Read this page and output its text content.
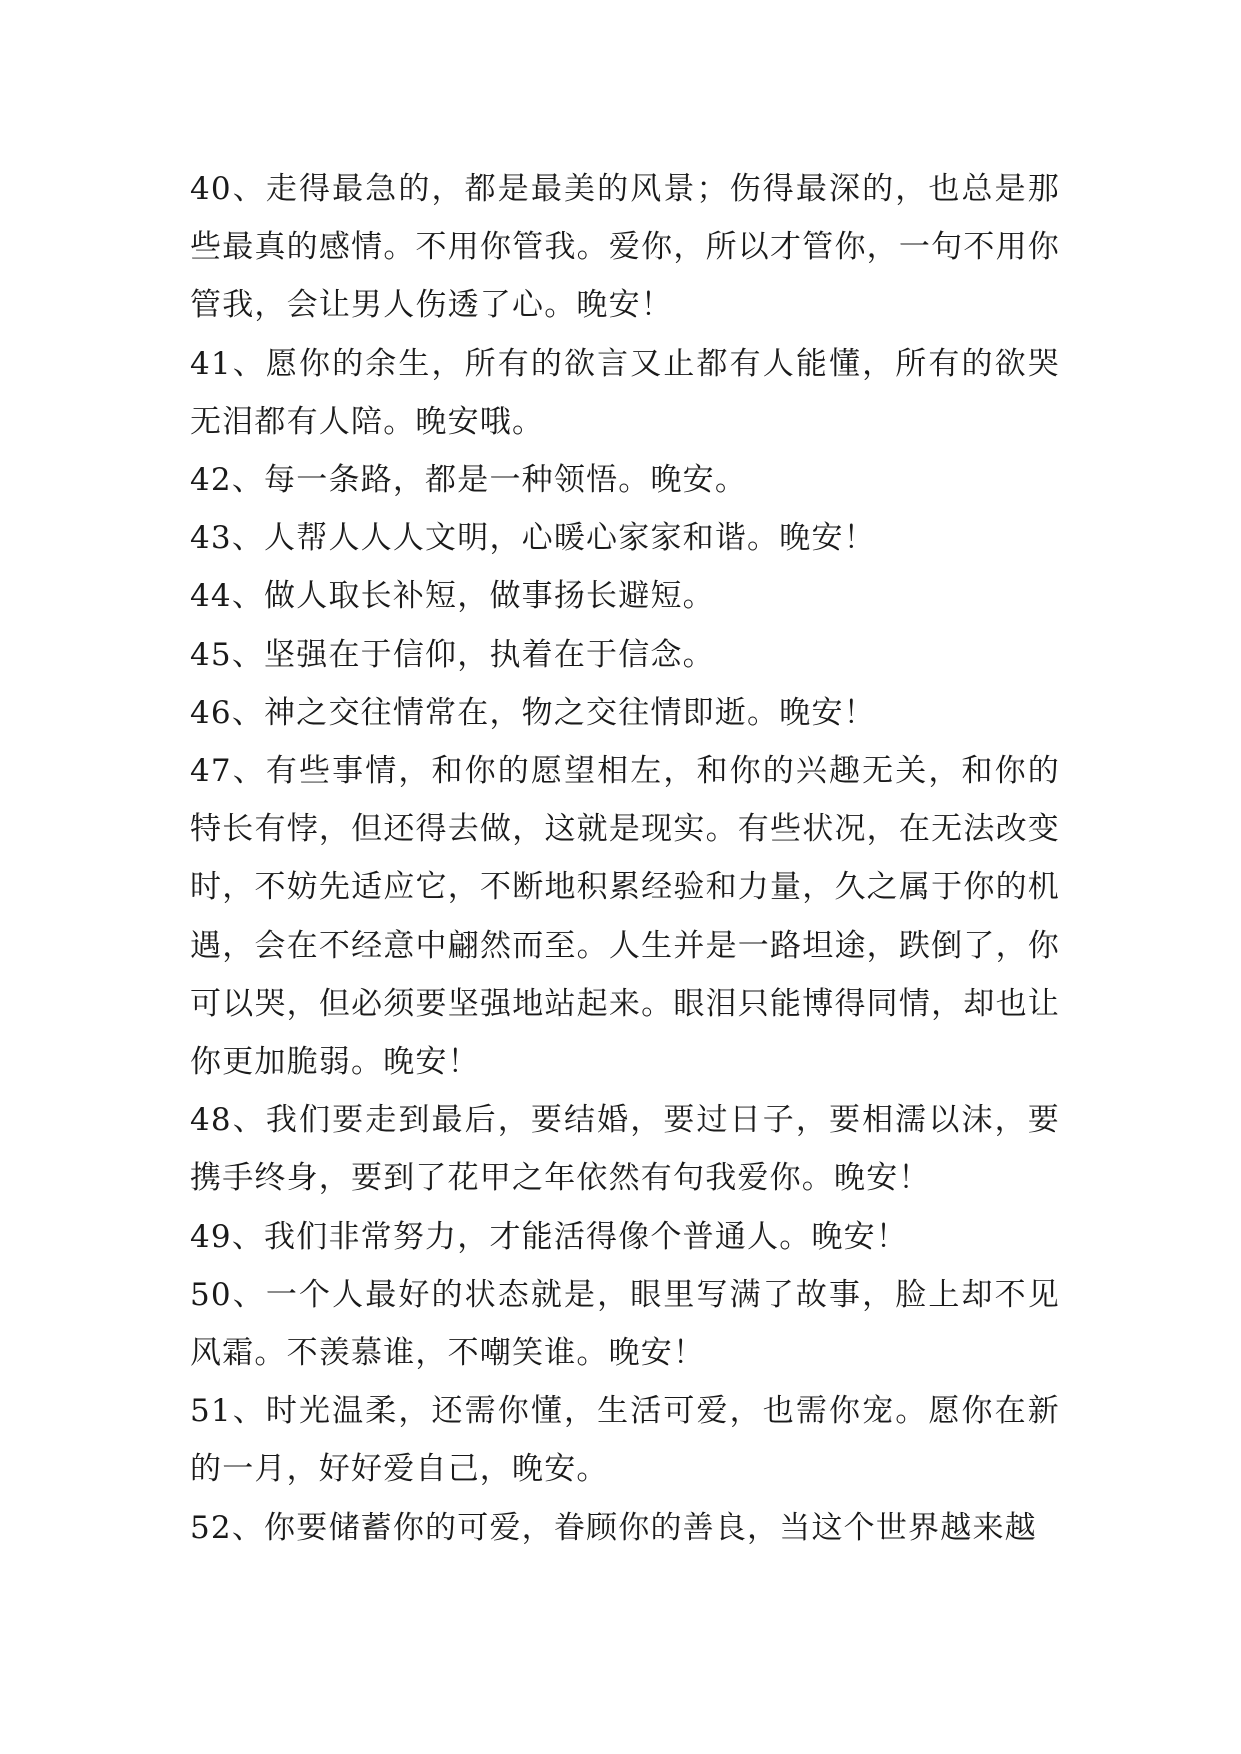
40、走得最急的，都是最美的风景；伤得最深的，也总是那些最真的感情。不用你管我。爱你，所以才管你，一句不用你管我，会让男人伤透了心。晚安！

41、愿你的余生，所有的欲言又止都有人能懂，所有的欲哭无泪都有人陪。晚安哦。

42、每一条路，都是一种领悟。晚安。

43、人帮人人人文明，心暖心家家和谐。晚安！

44、做人取长补短，做事扬长避短。

45、坚强在于信仰，执着在于信念。

46、神之交往情常在，物之交往情即逝。晚安！

47、有些事情，和你的愿望相左，和你的兴趣无关，和你的特长有悖，但还得去做，这就是现实。有些状况，在无法改变时，不妨先适应它，不断地积累经验和力量，久之属于你的机遇，会在不经意中翩然而至。人生并是一路坦途，跌倒了，你可以哭，但必须要坚强地站起来。眼泪只能博得同情，却也让你更加脆弱。晚安！

48、我们要走到最后，要结婚，要过日子，要相濡以沫，要携手终身，要到了花甲之年依然有句我爱你。晚安！

49、我们非常努力，才能活得像个普通人。晚安！

50、一个人最好的状态就是，眼里写满了故事，脸上却不见风霜。不羡慕谁，不嘲笑谁。晚安！

51、时光温柔，还需你懂，生活可爱，也需你宠。愿你在新的一月，好好爱自己，晚安。

52、你要储蓄你的可爱，眷顾你的善良，当这个世界越来越
